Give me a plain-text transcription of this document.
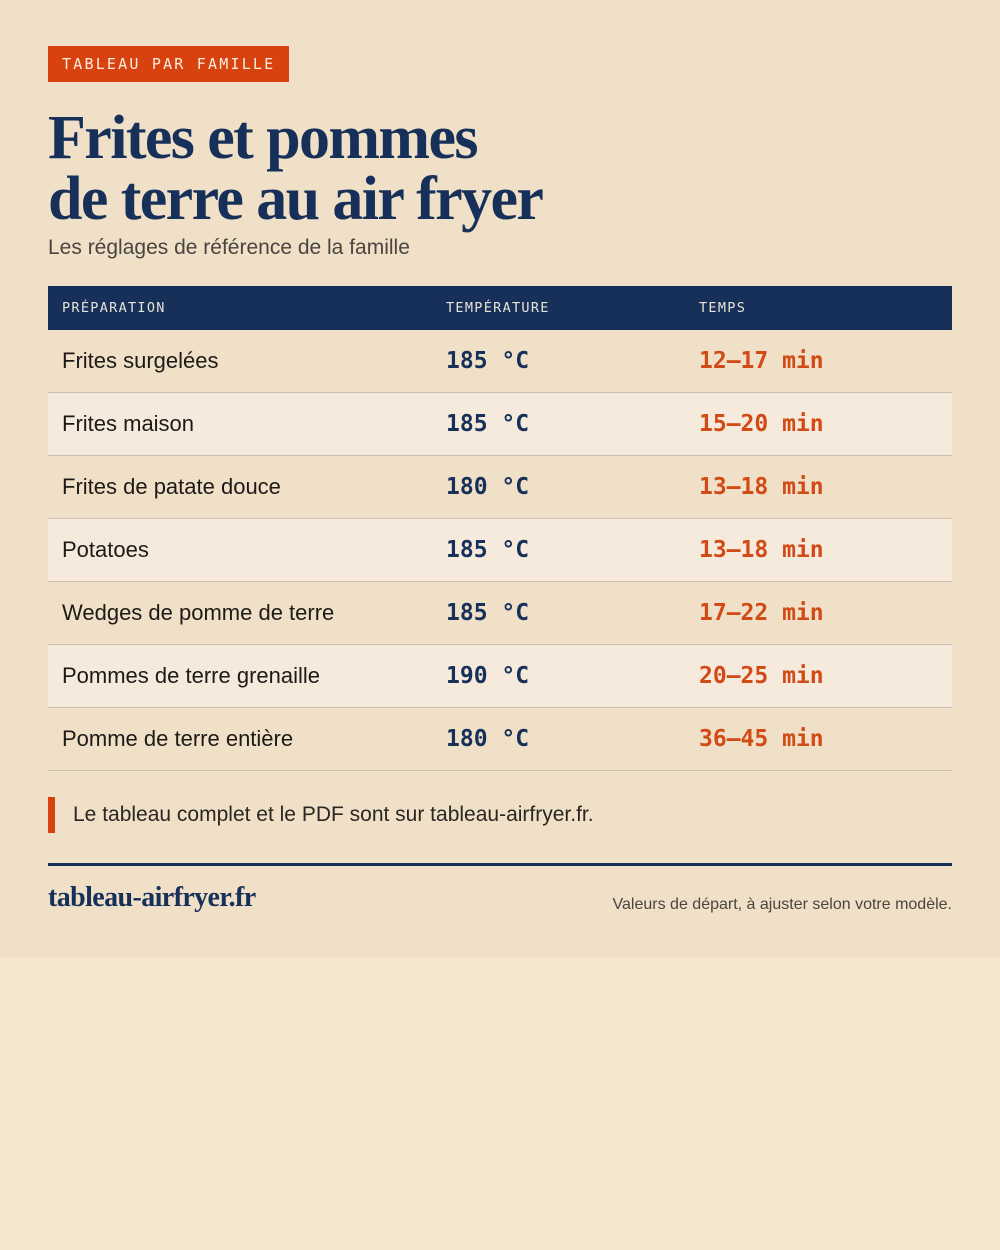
TABLEAU PAR FAMILLE
Frites et pommes
de terre au air fryer
Les réglages de référence de la famille
PRÉPARATION	TEMPÉRATURE	TEMPS
Frites surgelées	185 °C	12–17 min
Frites maison	185 °C	15–20 min
Frites de patate douce	180 °C	13–18 min
Potatoes	185 °C	13–18 min
Wedges de pomme de terre	185 °C	17–22 min
Pommes de terre grenaille	190 °C	20–25 min
Pomme de terre entière	180 °C	36–45 min
Le tableau complet et le PDF sont sur tableau-airfryer.fr.
tableau-airfryer.fr	Valeurs de départ, à ajuster selon votre modèle.
